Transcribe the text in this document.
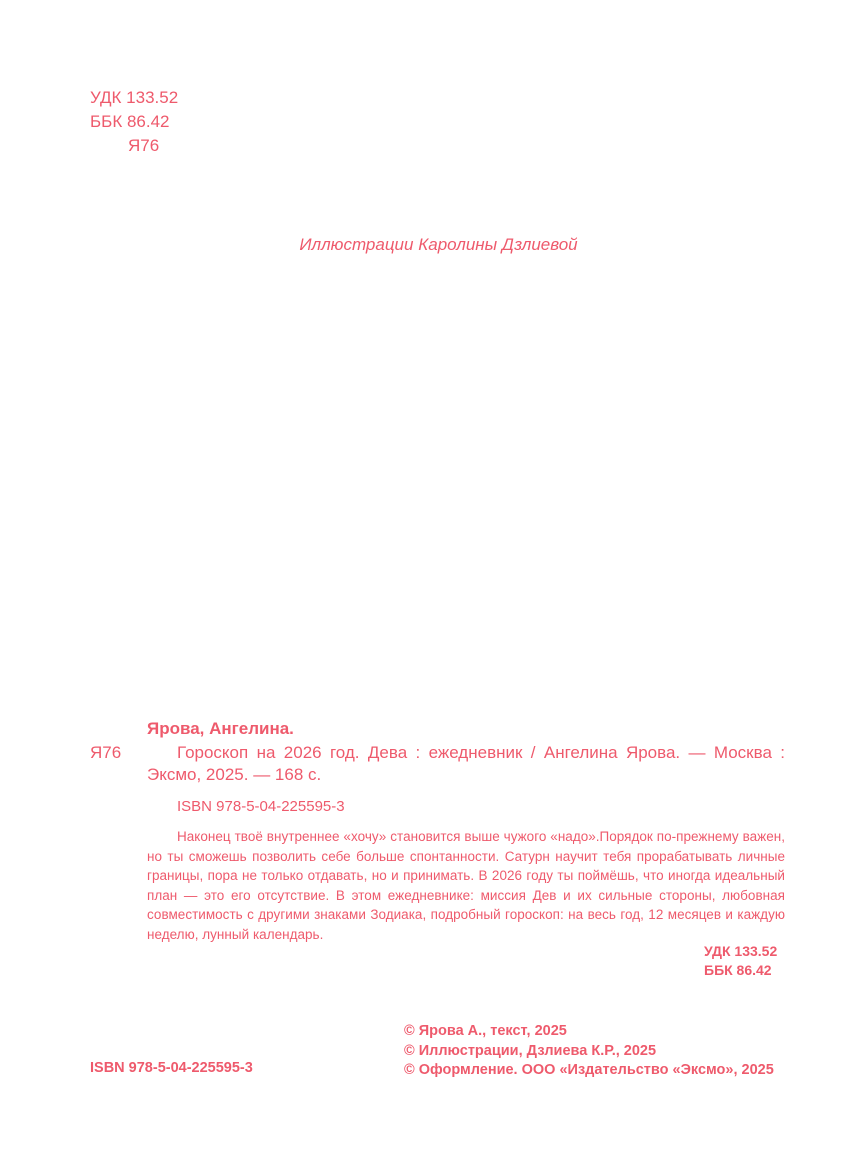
УДК 133.52
ББК 86.42
Я76
Иллюстрации Каролины Дзлиевой
Ярова, Ангелина.
Я76	Гороскоп на 2026 год. Дева : ежедневник / Ангелина Ярова. — Москва :
Эксмо, 2025. — 168 с.
ISBN 978-5-04-225595-3
Наконец твоё внутреннее «хочу» становится выше чужого «надо».Порядок по-прежнему важен, но ты сможешь позволить себе больше спонтанности. Сатурн научит тебя прорабатывать личные границы, пора не только отдавать, но и принимать. В 2026 году ты поймёшь, что иногда идеальный план — это его отсутствие. В этом ежедневнике: миссия Дев и их сильные стороны, любовная совместимость с другими знаками Зодиака, подробный гороскоп: на весь год, 12 месяцев и каждую неделю, лунный календарь.
УДК 133.52
ББК 86.42
ISBN 978-5-04-225595-3
© Ярова А., текст, 2025
© Иллюстрации, Дзлиева К.Р., 2025
© Оформление. ООО «Издательство «Эксмо», 2025
